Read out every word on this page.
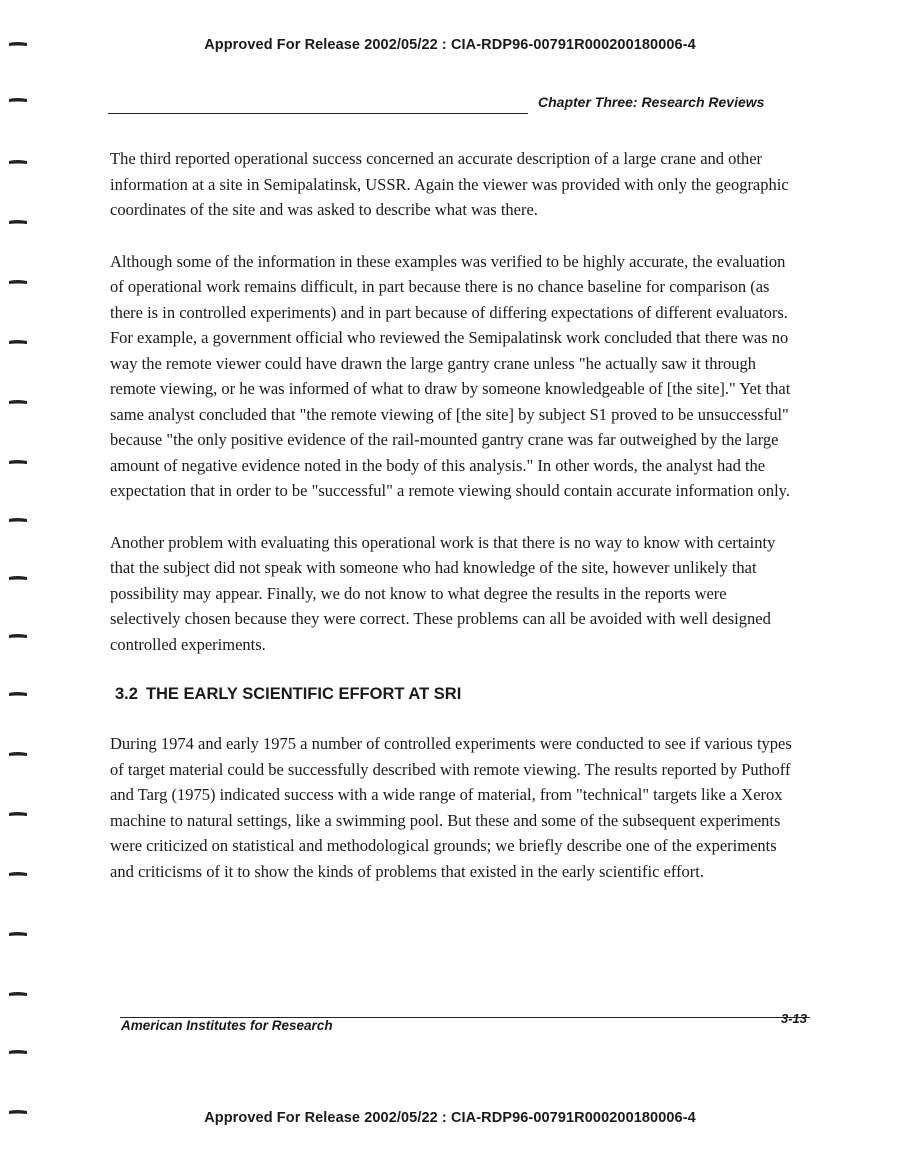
Approved For Release 2002/05/22 : CIA-RDP96-00791R000200180006-4
Chapter Three: Research Reviews

The third reported operational success concerned an accurate description of a large crane and other information at a site in Semipalatinsk, USSR. Again the viewer was provided with only the geographic coordinates of the site and was asked to describe what was there.

Although some of the information in these examples was verified to be highly accurate, the evaluation of operational work remains difficult, in part because there is no chance baseline for comparison (as there is in controlled experiments) and in part because of differing expectations of different evaluators. For example, a government official who reviewed the Semipalatinsk work concluded that there was no way the remote viewer could have drawn the large gantry crane unless "he actually saw it through remote viewing, or he was informed of what to draw by someone knowledgeable of [the site]." Yet that same analyst concluded that "the remote viewing of [the site] by subject S1 proved to be unsuccessful" because "the only positive evidence of the rail-mounted gantry crane was far outweighed by the large amount of negative evidence noted in the body of this analysis." In other words, the analyst had the expectation that in order to be "successful" a remote viewing should contain accurate information only.

Another problem with evaluating this operational work is that there is no way to know with certainty that the subject did not speak with someone who had knowledge of the site, however unlikely that possibility may appear. Finally, we do not know to what degree the results in the reports were selectively chosen because they were correct. These problems can all be avoided with well designed controlled experiments.

3.2 THE EARLY SCIENTIFIC EFFORT AT SRI

During 1974 and early 1975 a number of controlled experiments were conducted to see if various types of target material could be successfully described with remote viewing. The results reported by Puthoff and Targ (1975) indicated success with a wide range of material, from "technical" targets like a Xerox machine to natural settings, like a swimming pool. But these and some of the subsequent experiments were criticized on statistical and methodological grounds; we briefly describe one of the experiments and criticisms of it to show the kinds of problems that existed in the early scientific effort.

American Institutes for Research	3-13
Approved For Release 2002/05/22 : CIA-RDP96-00791R000200180006-4
